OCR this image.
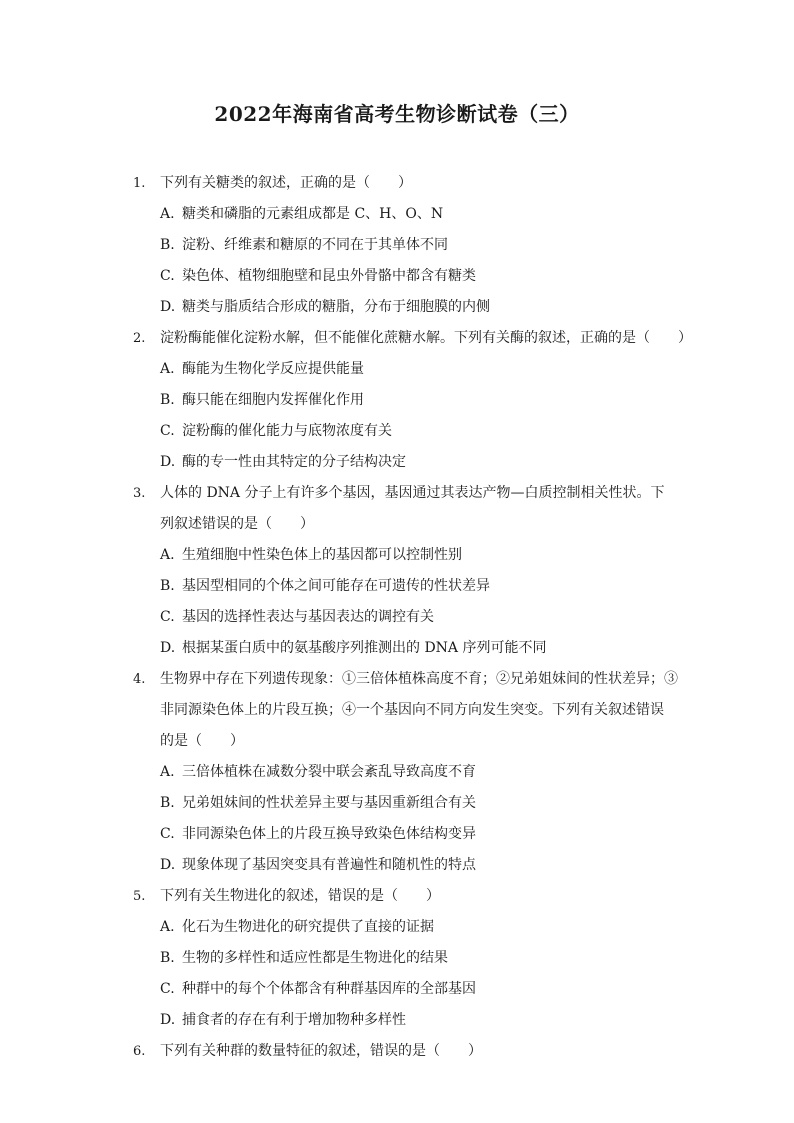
2022年海南省高考生物诊断试卷（三）
1. 下列有关糖类的叙述，正确的是（　　）
A. 糖类和磷脂的元素组成都是 C、H、O、N
B. 淀粉、纤维素和糖原的不同在于其单体不同
C. 染色体、植物细胞壁和昆虫外骨骼中都含有糖类
D. 糖类与脂质结合形成的糖脂，分布于细胞膜的内侧
2. 淀粉酶能催化淀粉水解，但不能催化蔗糖水解。下列有关酶的叙述，正确的是（　　）
A. 酶能为生物化学反应提供能量
B. 酶只能在细胞内发挥催化作用
C. 淀粉酶的催化能力与底物浓度有关
D. 酶的专一性由其特定的分子结构决定
3. 人体的 DNA 分子上有许多个基因，基因通过其表达产物—白质控制相关性状。下
列叙述错误的是（　　）
A. 生殖细胞中性染色体上的基因都可以控制性别
B. 基因型相同的个体之间可能存在可遗传的性状差异
C. 基因的选择性表达与基因表达的调控有关
D. 根据某蛋白质中的氨基酸序列推测出的 DNA 序列可能不同
4. 生物界中存在下列遗传现象：①三倍体植株高度不育；②兄弟姐妹间的性状差异；③
非同源染色体上的片段互换；④一个基因向不同方向发生突变。下列有关叙述错误
的是（　　）
A. 三倍体植株在减数分裂中联会紊乱导致高度不育
B. 兄弟姐妹间的性状差异主要与基因重新组合有关
C. 非同源染色体上的片段互换导致染色体结构变异
D. 现象体现了基因突变具有普遍性和随机性的特点
5. 下列有关生物进化的叙述，错误的是（　　）
A. 化石为生物进化的研究提供了直接的证据
B. 生物的多样性和适应性都是生物进化的结果
C. 种群中的每个个体都含有种群基因库的全部基因
D. 捕食者的存在有利于增加物种多样性
6. 下列有关种群的数量特征的叙述，错误的是（　　）
